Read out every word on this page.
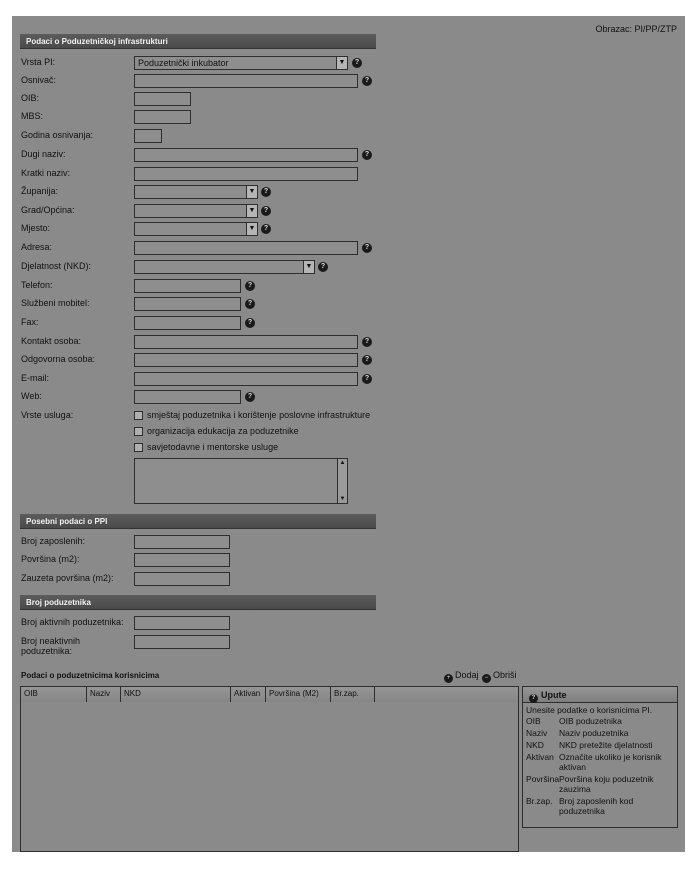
Obrazac: PI/PP/ZTP
Podaci o Poduzetničkoj infrastrukturi
Vrsta PI:	Poduzetnički inkubator	▼	?
Osnivač:	?
OIB:
MBS:
Godina osnivanja:
Dugi naziv:	?
Kratki naziv:
Županija:	▼	?
Grad/Općina:	▼	?
Mjesto:	▼	?
Adresa:	?
Djelatnost (NKD):	▼	?
Telefon:	?
Službeni mobitel:	?
Fax:	?
Kontakt osoba:	?
Odgovorna osoba:	?
E-mail:	?
Web:	?
Vrste usluga:	smještaj poduzetnika i korištenje poslovne infrastrukture
organizacija edukacija za poduzetnike
savjetodavne i mentorske usluge
▲
▼
Posebni podaci o PPI
Broj zaposlenih:
Površina (m2):
Zauzeta površina (m2):
Broj poduzetnika
Broj aktivnih poduzetnika:
Broj neaktivnih
poduzetnika:
Podaci o poduzetnicima korisnicima	+ Dodaj	− Obriši
OIB	Naziv	NKD	Aktivan	Površina (M2)	Br.zap.	? Upute
Unesite podatke o korisnicima PI.
OIB OIB poduzetnika
Naziv Naziv poduzetnika
NKD NKD pretežite djelatnosti
Aktivan Označite ukoliko je korisnik aktivan
Površina Površina koju poduzetnik zauzima
Br.zap. Broj zaposlenih kod poduzetnika
